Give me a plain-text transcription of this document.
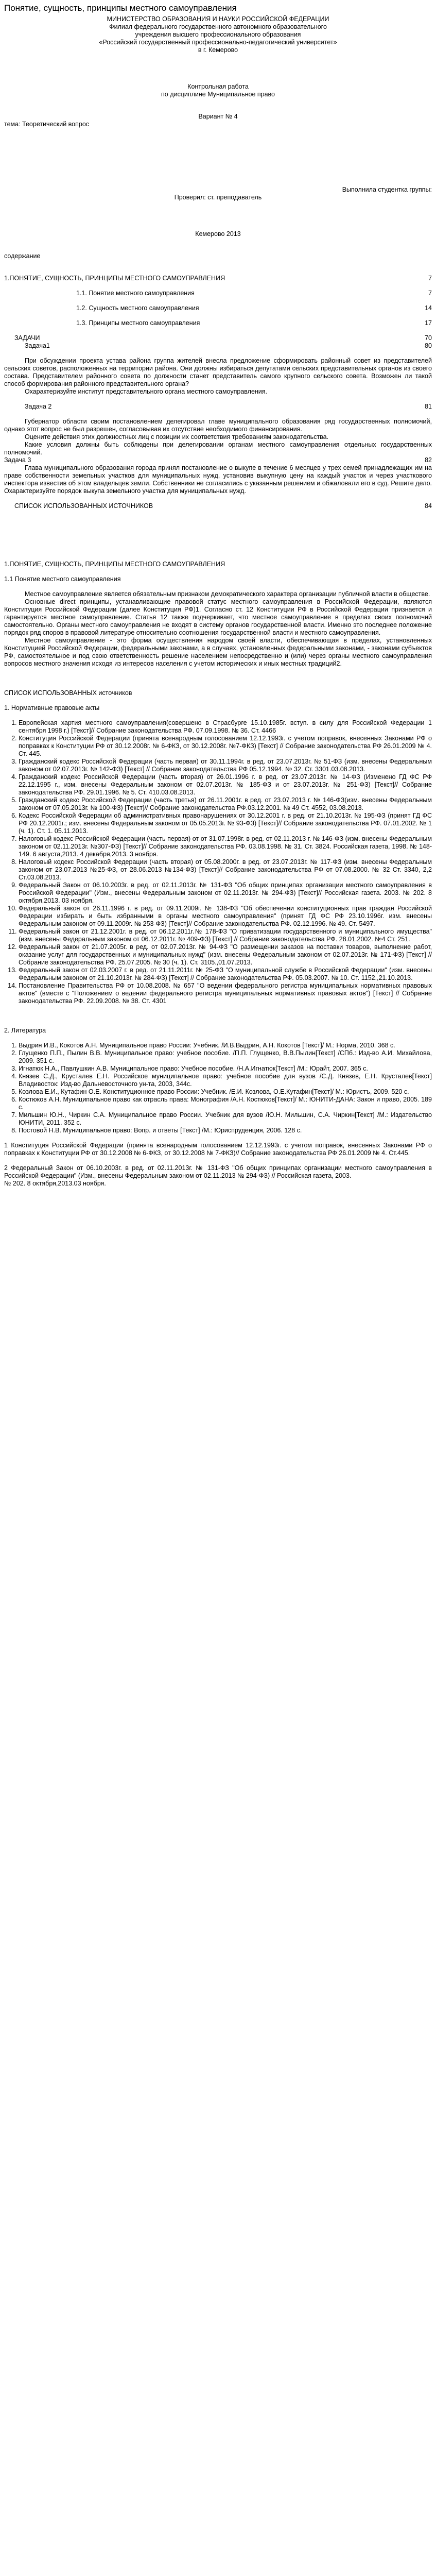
Понятие, сущность, принципы местного самоуправления

МИНИСТЕРСТВО ОБРАЗОВАНИЯ И НАУКИ РОССИЙСКОЙ ФЕДЕРАЦИИ

Филиал федерального государственного автономного образовательного

учреждения высшего профессионального образования

«Российский государственный профессионально-педагогический университет»

в г. Кемерово

Контрольная работа

по дисциплине Муниципальное право

Вариант № 4

тема: Теоретический вопрос

Выполнила студентка группы:

Проверил: ст. преподаватель

Кемерово 2013

содержание

1.ПОНЯТИЕ, СУЩНОСТЬ, ПРИНЦИПЫ МЕСТНОГО САМОУПРАВЛЕНИЯ	7
1.1. Понятие местного самоуправления	7
1.2. Сущность местного самоуправления	14
1.3. Принципы местного самоуправления	17
ЗАДАЧИ	70
Задача1	80

При обсуждении проекта устава района группа жителей внесла предложение сформировать районный совет из представителей сельских советов, расположенных на территории района. Они должны избираться депутатами сельских представительных органов из своего состава. Представителем районного совета по должности станет представитель самого крупного сельского совета. Возможен ли такой способ формирования районного представительного органа?

Охарактеризуйте институт представительного органа местного самоуправления.

Задача 2	81

Губернатор области своим постановлением делегировал главе муниципального образования ряд государственных полномочий, однако этот вопрос не был разрешен, согласовывая их отсутствие необходимого финансирования.

Оцените действия этих должностных лиц с позиции их соответствия требованиям законодательства.

Какие условия должны быть соблюдены при делегировании органам местного самоуправления отдельных государственных полномочий.

Задача 3	82

Глава муниципального образования города принял постановление о выкупе в течение 6 месяцев у трех семей принадлежащих им на праве собственности земельных участков для муниципальных нужд, установив выкупную цену на каждый участок и через участкового инспектора известив об этом владельцев земли. Собственники не согласились с указанным решением и обжаловали его в суд. Решите дело. Охарактеризуйте порядок выкупа земельного участка для муниципальных нужд.

СПИСОК ИСПОЛЬЗОВАННЫХ ИСТОЧНИКОВ	84

1.ПОНЯТИЕ, СУЩНОСТЬ, ПРИНЦИПЫ МЕСТНОГО САМОУПРАВЛЕНИЯ

1.1 Понятие местного самоуправления

Местное самоуправление является обязательным признаком демократического характера организации публичной власти в обществе.

Основные direct принципы, устанавливающие правовой статус местного самоуправления в Российской Федерации, являются Конституция Российской Федерации (далее Конституция РФ)1. Согласно ст. 12 Конституции РФ в Российской Федерации признается и гарантируется местное самоуправление. Статья 12 также подчеркивает, что местное самоуправление в пределах своих полномочий самостоятельно. Органы местного самоуправления не входят в систему органов государственной власти. Именно это последнее положение порядок ряд споров в правовой литературе относительно соотношения государственной власти и местного самоуправления.

Местное самоуправление - это форма осуществления народом своей власти, обеспечивающая в пределах, установленных Конституцией Российской Федерации, федеральными законами, а в случаях, установленных федеральными законами, - законами субъектов РФ, самостоятельное и под свою ответственность решение населением непосредственно и (или) через органы местного самоуправления вопросов местного значения исходя из интересов населения с учетом исторических и иных местных традиций2.

СПИСОК ИСПОЛЬЗОВАННЫХ источников

1. Нормативные правовые акты

1. Европейская хартия местного самоуправления(совершено в Страсбурге 15.10.1985г. вступ. в силу для Российской Федерации 1 сентября 1998 г.) [Текст]// Собрание законодательства РФ. 07.09.1998. № 36. Ст. 4466
2. Конституция Российской Федерации (принята всенародным голосованием 12.12.1993г. с учетом поправок, внесенных Законами РФ о поправках к Конституции РФ от 30.12.2008г. № 6-ФКЗ, от 30.12.2008г. №7-ФКЗ) [Текст] // Собрание законодательства РФ 26.01.2009 № 4. Ст. 445.
3. Гражданский кодекс Российской Федерации (часть первая) от 30.11.1994г. в ред. от 23.07.2013г. № 51-ФЗ (изм. внесены Федеральным законом от 02.07.2013г. № 142-ФЗ) [Текст] // Собрание законодательства РФ 05.12.1994. № 32. Ст. 3301.03.08.2013.
4. Гражданский кодекс Российской Федерации (часть вторая) от 26.01.1996 г. в ред. от 23.07.2013г. № 14-ФЗ (Изменено ГД ФС РФ 22.12.1995 г., изм. внесены Федеральным законом от 02.07.2013г. № 185-ФЗ и от 23.07.2013г. № 251-ФЗ) [Текст]// Собрание законодательства РФ. 29.01.1996. № 5. Ст. 410.03.08.2013.
5. Гражданский кодекс Российской Федерации (часть третья) от 26.11.2001г. в ред. от 23.07.2013 г. № 146-ФЗ(изм. внесены Федеральным законом от 07.05.2013г. № 100-ФЗ) [Текст]// Собрание законодательства РФ.03.12.2001. № 49 Ст. 4552, 03.08.2013.
6. Кодекс Российской Федерации об административных правонарушениях от 30.12.2001 г. в ред. от 21.10.2013г. № 195-ФЗ (принят ГД ФС РФ 20.12.2001г.; изм. внесены Федеральным законом от 05.05.2013г. № 93-ФЗ) [Текст]// Собрание законодательства РФ. 07.01.2002. № 1 (ч. 1). Ст. 1. 05.11.2013.
7. Налоговый кодекс Российской Федерации (часть первая) от от 31.07.1998г. в ред. от 02.11.2013 г. № 146-ФЗ (изм. внесены Федеральным законом от 02.11.2013г. №307-ФЗ) [Текст]// Собрание законодательства РФ. 03.08.1998. № 31. Ст. 3824. Российская газета, 1998. № 148-149. 6 августа,2013. 4 декабря,2013. 3 ноября.
8. Налоговый кодекс Российской Федерации (часть вторая) от 05.08.2000г. в ред. от 23.07.2013г. № 117-ФЗ (изм. внесены Федеральным законом от 23.07.2013 №25-ФЗ, от 28.06.2013 №134-ФЗ) [Текст]// Собрание законодательства РФ от 07.08.2000. № 32 Ст. 3340, 2,2 Ст.03.08.2013.
9. Федеральный Закон от 06.10.2003г. в ред. от 02.11.2013г. № 131-ФЗ "Об общих принципах организации местного самоуправления в Российской Федерации" (Изм., внесены Федеральным законом от 02.11.2013г. № 294-ФЗ) [Текст]// Российская газета. 2003. № 202. 8 октября,2013. 03 ноября.
10. Федеральный закон от 26.11.1996 г. в ред. от 09.11.2009г. № 138-ФЗ "Об обеспечении конституционных прав граждан Российской Федерации избирать и быть избранными в органы местного самоуправления" (принят ГД ФС РФ 23.10.1996г. изм. внесены Федеральным законом от 09.11.2009г. № 253-ФЗ) [Текст]// Собрание законодательства РФ. 02.12.1996. № 49. Ст. 5497.
11. Федеральный закон от 21.12.2001г. в ред. от 06.12.2011г.№ 178-ФЗ "О приватизации государственного и муниципального имущества" (изм. внесены Федеральным законом от 06.12.2011г. № 409-ФЗ) [Текст] // Собрание законодательства РФ. 28.01.2002. №4 Ст. 251.
12. Федеральный закон от 21.07.2005г. в ред. от 02.07.2013г. № 94-ФЗ "О размещении заказов на поставки товаров, выполнение работ, оказание услуг для государственных и муниципальных нужд" (изм. внесены Федеральным законом от 02.07.2013г. № 171-ФЗ) [Текст] // Собрание законодательства РФ. 25.07.2005. № 30 (ч. 1). Ст. 3105.,01.07.2013.
13. Федеральный закон от 02.03.2007 г. в ред. от 21.11.2011г. № 25-ФЗ "О муниципальной службе в Российской Федерации" (изм. внесены Федеральным законом от 21.10.2013г. № 284-ФЗ) [Текст] // Собрание законодательства РФ. 05.03.2007. № 10. Ст. 1152.,21.10.2013.
14. Постановление Правительства РФ от 10.08.2008. № 657 "О ведении федерального регистра муниципальных нормативных правовых актов" (вместе с "Положением о ведении федерального регистра муниципальных нормативных правовых актов") [Текст] // Собрание законодательства РФ. 22.09.2008. № 38. Ст. 4301

2. Литература

1. Выдрин И.В., Кокотов А.Н. Муниципальное право России: Учебник. /И.В.Выдрин, А.Н. Кокотов [Текст]/ М.: Норма, 2010. 368 с.
2. Глущенко П.П., Пылин В.В. Муниципальное право: учебное пособие. /П.П. Глущенко, В.В.Пылин[Текст] /СПб.: Изд-во А.И. Михайлова, 2009. 351 с.
3. Игнатюк Н.А., Павлушкин А.В. Муниципальное право: Учебное пособие. /Н.А.Игнатюк[Текст] /М.: Юрайт, 2007. 365 с.
4. Князев С.Д., Крусталев Е.Н. Российское муниципальное право: учебное пособие для вузов /С.Д. Князев, Е.Н. Крусталев[Текст] Владивосток: Изд-во Дальневосточного ун-та, 2003, 344с.
5. Козлова Е.И., Кутафин О.Е. Конституционное право России: Учебник. /Е.И. Козлова, О.Е.Кутафин[Текст]/ М.: Юристъ, 2009. 520 с.
6. Костюков А.Н. Муниципальное право как отрасль права: Монография /А.Н. Костюков[Текст]/ М.: ЮНИТИ-ДАНА: Закон и право, 2005. 189 с.
7. Мильшин Ю.Н., Чиркин С.А. Муниципальное право России. Учебник для вузов /Ю.Н. Мильшин, С.А. Чиркин[Текст] /М.: Издательство ЮНИТИ, 2011. 352 с.
8. Постовой Н.В. Муниципальное право: Вопр. и ответы [Текст] /М.: Юриспруденция, 2006. 128 с.

1 Конституция Российской Федерации (принята всенародным голосованием 12.12.1993г. с учетом поправок, внесенных Законами РФ о поправках к Конституции РФ от 30.12.2008 № 6-ФКЗ, от 30.12.2008 № 7-ФКЗ)// Собрание законодательства РФ 26.01.2009 № 4. Ст.445.

2 Федеральный Закон от 06.10.2003г. в ред. от 02.11.2013г. № 131-ФЗ "Об общих принципах организации местного самоуправления в Российской Федерации" (Изм., внесены Федеральным законом от 02.11.2013 № 294-ФЗ) // Российская газета, 2003.

№ 202. 8 октября,2013.03 ноября.
